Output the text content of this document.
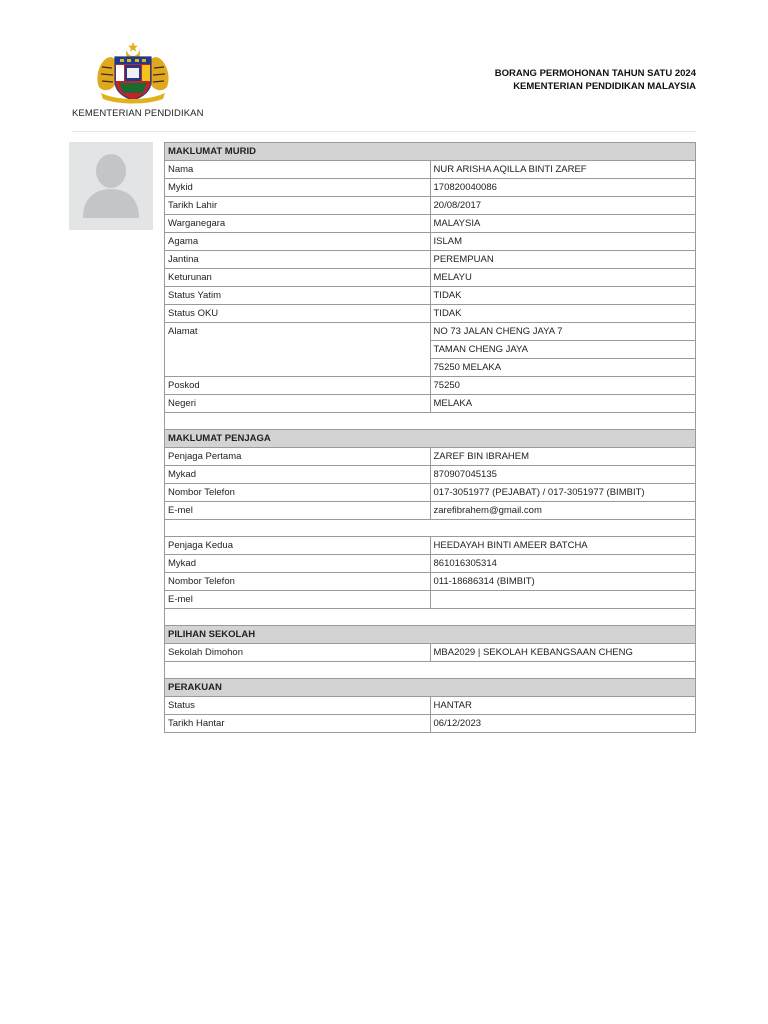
KEMENTERIAN PENDIDIKAN
BORANG PERMOHONAN TAHUN SATU 2024
KEMENTERIAN PENDIDIKAN MALAYSIA
MAKLUMAT MURID	
Nama	NUR ARISHA AQILLA BINTI ZAREF
Mykid	170820040086
Tarikh Lahir	20/08/2017
Warganegara	MALAYSIA
Agama	ISLAM
Jantina	PEREMPUAN
Keturunan	MELAYU
Status Yatim	TIDAK
Status OKU	TIDAK
Alamat	NO 73 JALAN CHENG JAYA 7
	TAMAN CHENG JAYA
	75250 MELAKA
Poskod	75250
Negeri	MELAKA

MAKLUMAT PENJAGA	
Penjaga Pertama	ZAREF BIN IBRAHEM
Mykad	870907045135
Nombor Telefon	017-3051977 (PEJABAT) / 017-3051977 (BIMBIT)
E-mel	zarefibrahem@gmail.com

Penjaga Kedua	HEEDAYAH BINTI AMEER BATCHA
Mykad	861016305314
Nombor Telefon	011-18686314 (BIMBIT)
E-mel	

PILIHAN SEKOLAH	
Sekolah Dimohon	MBA2029 | SEKOLAH KEBANGSAAN CHENG

PERAKUAN	
Status	HANTAR
Tarikh Hantar	06/12/2023
